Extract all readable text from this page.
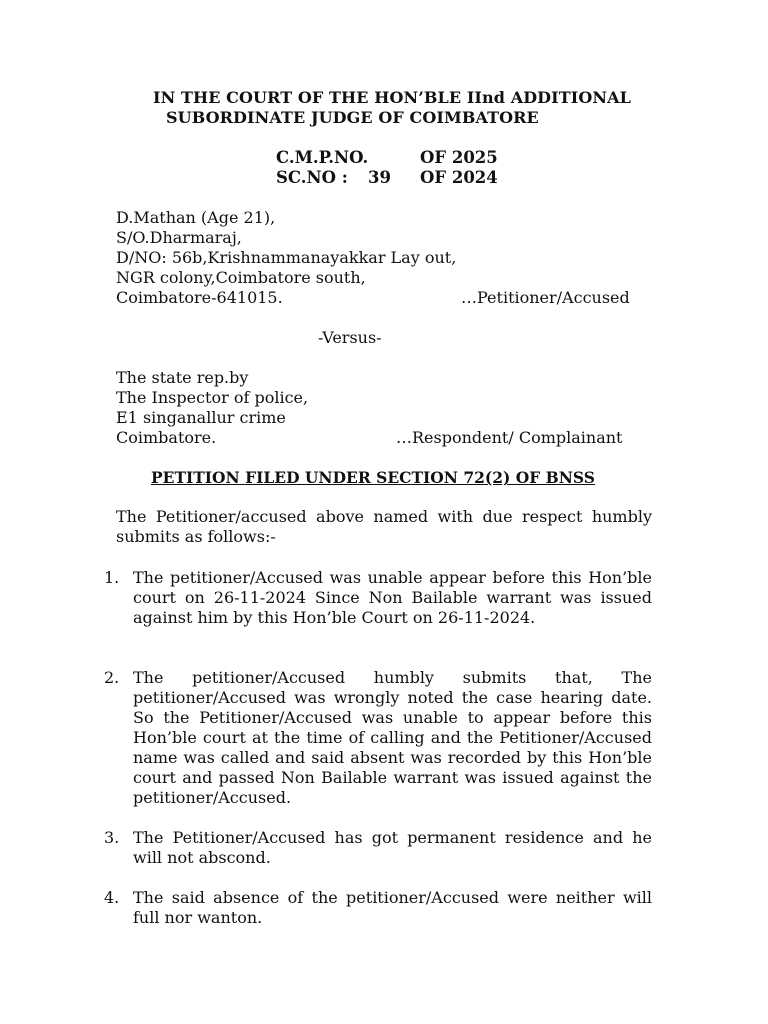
IN THE COURT OF THE HON’BLE IInd ADDITIONAL
SUBORDINATE JUDGE OF COIMBATORE
C.M.P.NO.	OF 2025
SC.NO : 39 OF 2024
D.Mathan (Age 21),
S/O.Dharmaraj,
D/NO: 56b,Krishnammanayakkar Lay out,
NGR colony,Coimbatore south,
Coimbatore-641015.	…Petitioner/Accused
-Versus-
The state rep.by
The Inspector of police,
E1 singanallur crime
Coimbatore.	…Respondent/ Complainant
PETITION FILED UNDER SECTION 72(2) OF BNSS
The Petitioner/accused above named with due respect humbly submits as follows:-
1. The petitioner/Accused was unable appear before this Hon’ble court on 26-11-2024 Since Non Bailable warrant was issued against him by this Hon’ble Court on 26-11-2024.
2. The petitioner/Accused humbly submits that, The petitioner/Accused was wrongly noted the case hearing date. So the Petitioner/Accused was unable to appear before this Hon’ble court at the time of calling and the Petitioner/Accused name was called and said absent was recorded by this Hon’ble court and passed Non Bailable warrant was issued against the petitioner/Accused.
3. The Petitioner/Accused has got permanent residence and he will not abscond.
4. The said absence of the petitioner/Accused were neither will full nor wanton.
